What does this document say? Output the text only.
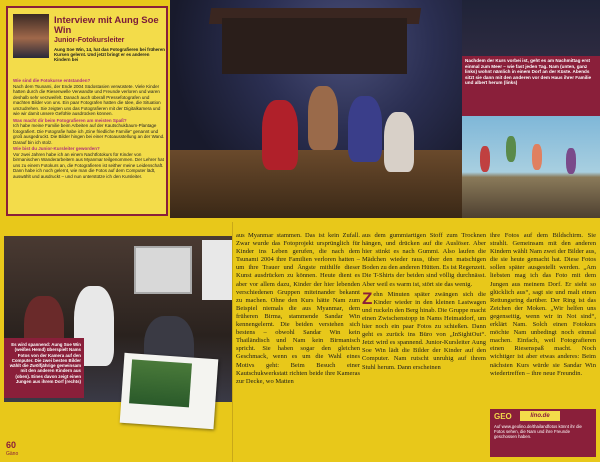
Interview mit Aung Soe Win
Junior-Fotokursleiter
Aung Soe Win, 14, hat das Fotografieren bei früheren Kursen gelernt. Und jetzt bringt er es anderen Kindern bei
Wie sind die Fotokurse entstanden?
Nach dem Tsunami, der Ende 2004 Südostasien verwüstete. Viele Kinder hatten durch die Riesenwelle Verwandte und Freunde verloren und waren deshalb sehr verzweifelt. Danach auch überall Pressefotografen und machten Bilder von uns. Ein paar Fotografen hatten die Idee, die Situation umzudrehen. Sie zeigten uns das Fotografieren mit der Digitalkamera und wie wir damit unsere Gefühle ausdrücken können.
Was macht dir beim Fotografieren am meisten Spaß?
Ich habe meine Familie beim Arbeiten auf der Kautschukbaum-Plantage fotografiert. Die Fotografie habe ich „Eine friedliche Familie“ genannt und groß ausgedruckt. Die Bilder hingen bei einer Fotoausstellung an der Wand. Darauf bin ich stolz.
Wie bist du Junior-Kursleiter geworden?
Vor zwei Jahren habe ich an einem Nachtfotokurs für Kinder von birmanischen Wanderarbeitern aus Myanmar teilgenommen. Der Lehrer hat uns zu einem Fotokurs an, die Fotografieren ist seither meine Leidenschaft. Dann habe ich noch gelernt, wie man die Fotos auf dem Computer lädt, auswählt und ausdruckt – und nun unterstütze ich den Kursleiter.
Nachdem der Kurs vorbei ist, geht es am Nachmittag erst einmal zum Meer – wie fast jeden Tag. Nam (unten, ganz links) wohnt nämlich in einem Dorf an der Küste. Abends sitzt sie dann mit den anderen vor dem Haus ihrer Familie und albert herum (links)
Es wird spannend: Aung Soe Win (weißes Hemd) überspielt Nams Fotos von der Kamera auf den Computer. Die zwei besten Bilder wählt die Zwölfjährige gemeinsam mit den anderen Kindern aus (oben). Eines davon zeigt einen Jungen aus ihrem Dorf (rechts)
60
Gäno
aus Myanmar stammen. Das ist kein Zufall. Zwar wurde das Fotoprojekt ursprünglich für Kinder ins Leben gerufen, die nach dem Tsunami 2004 ihre Familien verloren hatten – um ihre Trauer und Ängste mithilfe dieser Kunst ausdrücken zu können. Heute dient es aber vor allem dazu, Kinder der hier lebenden verschiedenen Gruppen miteinander bekannt zu machen. Ohne den Kurs hätte Nam zum Beispiel niemals die aus Myanmar, dem früheren Birma, stammende Sandar Win kennengelernt. Die beiden verstehen sich bestens – obwohl Sandar Win kein Thailändisch und Nam kein Birmanisch spricht. Sie haben sogar den gleichen Geschmack, wenn es um die Wahl eines Motivs geht: Beim Besuch einer Kautschukwerkstatt richten beide ihre Kameras zur Decke, wo Matten
aus dem gummiartigen Stoff zum Trocknen hängen, und drücken auf die Auslöser. Aber hier stinkt es nach Gummi. Also laufen die Mädchen wieder raus, über den matschigen Boden zu den anderen Hütten. Es ist Regenzeit. Die T-Shirts der beiden sind völlig durchnässt. Aber weil es warm ist, stört sie das wenig.
Zehn Minuten später zwängen sich die Kinder wieder in den kleinen Lastwagen und ruckeln den Berg hinab. Die Gruppe macht einen Zwischenstopp in Nams Heimatdorf, um hier noch ein paar Fotos zu schießen. Dann geht es zurück ins Büro von „InSightOut“. Jetzt wird es spannend. Junior-Kursleiter Aung Soe Win lädt die Bilder der Kinder auf den Computer. Nam rutscht unruhig auf ihrem Stuhl herum. Dann erscheinen
ihre Fotos auf dem Bildschirm. Sie strahlt. Gemeinsam mit den anderen Kindern wählt Nam zwei der Bilder aus, die sie heute gemacht hat. Diese Fotos sollen später ausgestellt werden. „Am liebsten mag ich das Foto mit dem Jungen aus meinem Dorf. Er sieht so glücklich aus“, sagt sie und malt einen Rettungsring darüber. Der Ring ist das Zeichen der Moken. „Wir helfen uns gegenseitig, wenn wir in Not sind“, erklärt Nam. Solch einen Fotokurs möchte Nam unbedingt noch einmal machen. Einfach, weil Fotografieren einen Riesenspaß macht. Noch wichtiger ist aber etwas anderes: Beim nächsten Kurs würde sie Sandar Win wiedertreffen – ihre neue Freundin.
GEO	lino.de
Auf www.geolino.de/thailandfotos könnt ihr die Fotos sehen, die Nam und ihre Freunde geschossen haben.
